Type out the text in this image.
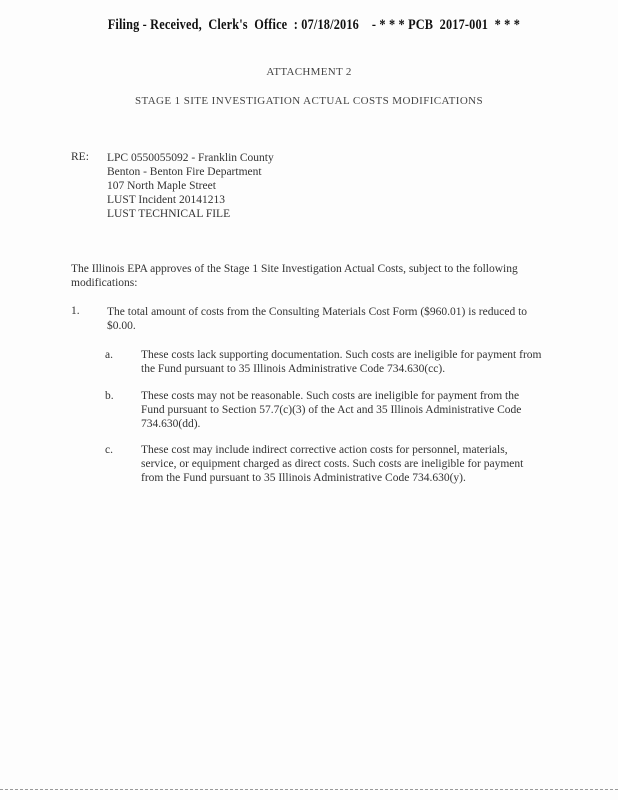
Filing - Received,  Clerk's  Office  : 07/18/2016    - * * * PCB  2017-001  * * *
ATTACHMENT 2
STAGE 1 SITE INVESTIGATION ACTUAL COSTS MODIFICATIONS
RE: LPC 0550055092 - Franklin County
Benton - Benton Fire Department
107 North Maple Street
LUST Incident 20141213
LUST TECHNICAL FILE
The Illinois EPA approves of the Stage 1 Site Investigation Actual Costs, subject to the following modifications:
1. The total amount of costs from the Consulting Materials Cost Form ($960.01) is reduced to $0.00.
a. These costs lack supporting documentation. Such costs are ineligible for payment from the Fund pursuant to 35 Illinois Administrative Code 734.630(cc).
b. These costs may not be reasonable. Such costs are ineligible for payment from the Fund pursuant to Section 57.7(c)(3) of the Act and 35 Illinois Administrative Code 734.630(dd).
c. These cost may include indirect corrective action costs for personnel, materials, service, or equipment charged as direct costs. Such costs are ineligible for payment from the Fund pursuant to 35 Illinois Administrative Code 734.630(y).
